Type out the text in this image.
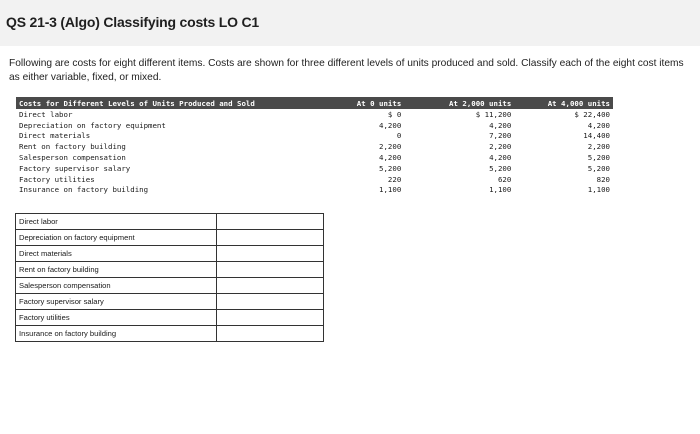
QS 21-3 (Algo) Classifying costs LO C1
Following are costs for eight different items. Costs are shown for three different levels of units produced and sold. Classify each of the eight cost items as either variable, fixed, or mixed.
Costs for Different Levels of Units Produced and Sold	At 0 units	At 2,000 units	At 4,000 units
Direct labor	$ 0	$ 11,200	$ 22,400
Depreciation on factory equipment	4,200	4,200	4,200
Direct materials	0	7,200	14,400
Rent on factory building	2,200	2,200	2,200
Salesperson compensation	4,200	4,200	5,200
Factory supervisor salary	5,200	5,200	5,200
Factory utilities	220	620	820
Insurance on factory building	1,100	1,100	1,100
Direct labor	
Depreciation on factory equipment	
Direct materials	
Rent on factory building	
Salesperson compensation	
Factory supervisor salary	
Factory utilities	
Insurance on factory building	
